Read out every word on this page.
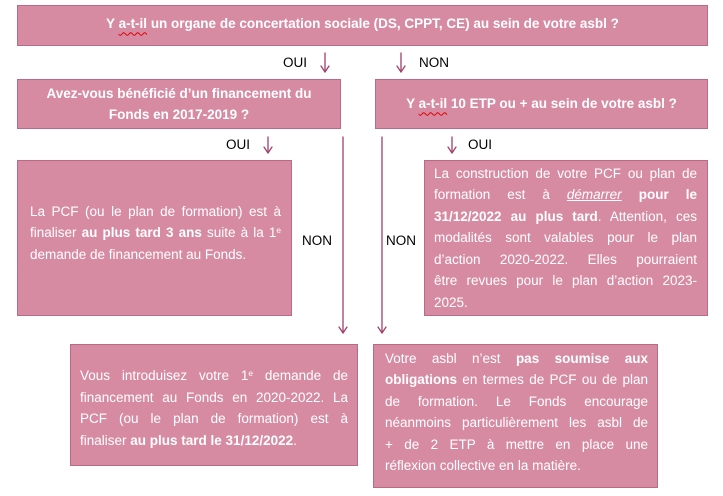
Y a-t-il un organe de concertation sociale (DS, CPPT, CE) au sein de votre asbl ?
Avez-vous bénéficié d’un financement du
Fonds en 2017-2019 ?
Y a-t-il 10 ETP ou + au sein de votre asbl ?
La PCF (ou le plan de formation) est à
finaliser au plus tard 3 ans suite à la 1e
demande de financement au Fonds.
La construction de votre PCF ou plan de
formation est à démarrer pour le
31/12/2022 au plus tard. Attention, ces
modalités sont valables pour le plan
d’action 2020-2022. Elles pourraient
être revues pour le plan d’action 2023-
2025.
Vous introduisez votre 1e demande de
financement au Fonds en 2020-2022. La
PCF (ou le plan de formation) est à
finaliser au plus tard le 31/12/2022.
Votre asbl n’est pas soumise aux
obligations en termes de PCF ou de plan
de formation. Le Fonds encourage
néanmoins particulièrement les asbl de
+ de 2 ETP à mettre en place une
réflexion collective en la matière.
OUI	NON
OUI	OUI
NON	NON
